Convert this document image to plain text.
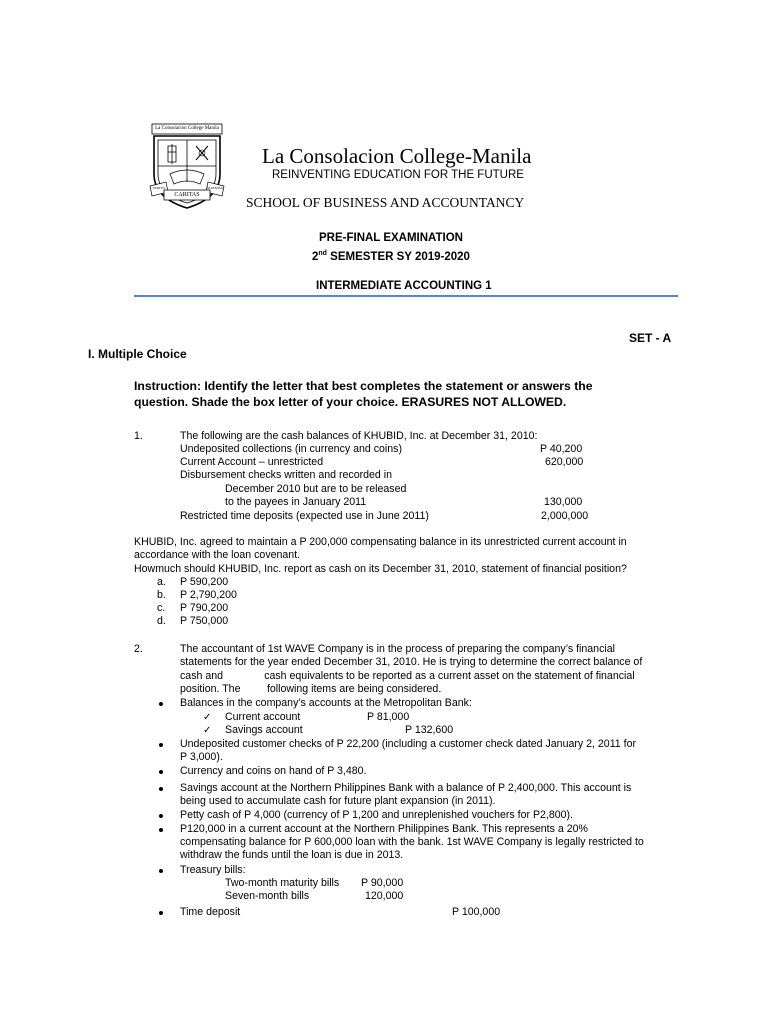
La Consolacion College Manila
CARITAS
VIRTUS	SCIENTIA
La Consolacion College-Manila
REINVENTING EDUCATION FOR THE FUTURE
SCHOOL OF BUSINESS AND ACCOUNTANCY
PRE-FINAL EXAMINATION
2nd SEMESTER SY 2019-2020
INTERMEDIATE ACCOUNTING 1
SET - A
I. Multiple Choice
Instruction: Identify the letter that best completes the statement or answers the
question. Shade the box letter of your choice. ERASURES NOT ALLOWED.
1.	The following are the cash balances of KHUBID, Inc. at December 31, 2010:
Undeposited collections (in currency and coins)	P 40,200
Current Account – unrestricted	620,000
Disbursement checks written and recorded in
December 2010 but are to be released
to the payees in January 2011	130,000
Restricted time deposits (expected use in June 2011)	2,000,000
KHUBID, Inc. agreed to maintain a P 200,000 compensating balance in its unrestricted current account in
accordance with the loan covenant.
Howmuch should KHUBID, Inc. report as cash on its December 31, 2010, statement of financial position?
a. P 590,200
b. P 2,790,200
c. P 790,200
d. P 750,000
2.	The accountant of 1st WAVE Company is in the process of preparing the company’s financial
statements for the year ended December 31, 2010. He is trying to determine the correct balance of
cash and              cash equivalents to be reported as a current asset on the statement of financial
position. The         following items are being considered.
Balances in the company’s accounts at the Metropolitan Bank:
✓ Current account	P 81,000
✓ Savings account	P 132,600
Undeposited customer checks of P 22,200 (including a customer check dated January 2, 2011 for
P 3,000).
Currency and coins on hand of P 3,480.
Savings account at the Northern Philippines Bank with a balance of P 2,400,000. This account is
being used to accumulate cash for future plant expansion (in 2011).
Petty cash of P 4,000 (currency of P 1,200 and unreplenished vouchers for P2,800).
P120,000 in a current account at the Northern Philippines Bank. This represents a 20%
compensating balance for P 600,000 loan with the bank. 1st WAVE Company is legally restricted to
withdraw the funds until the loan is due in 2013.
Treasury bills:
Two-month maturity bills P 90,000
Seven-month bills	120,000
Time deposit	P 100,000
